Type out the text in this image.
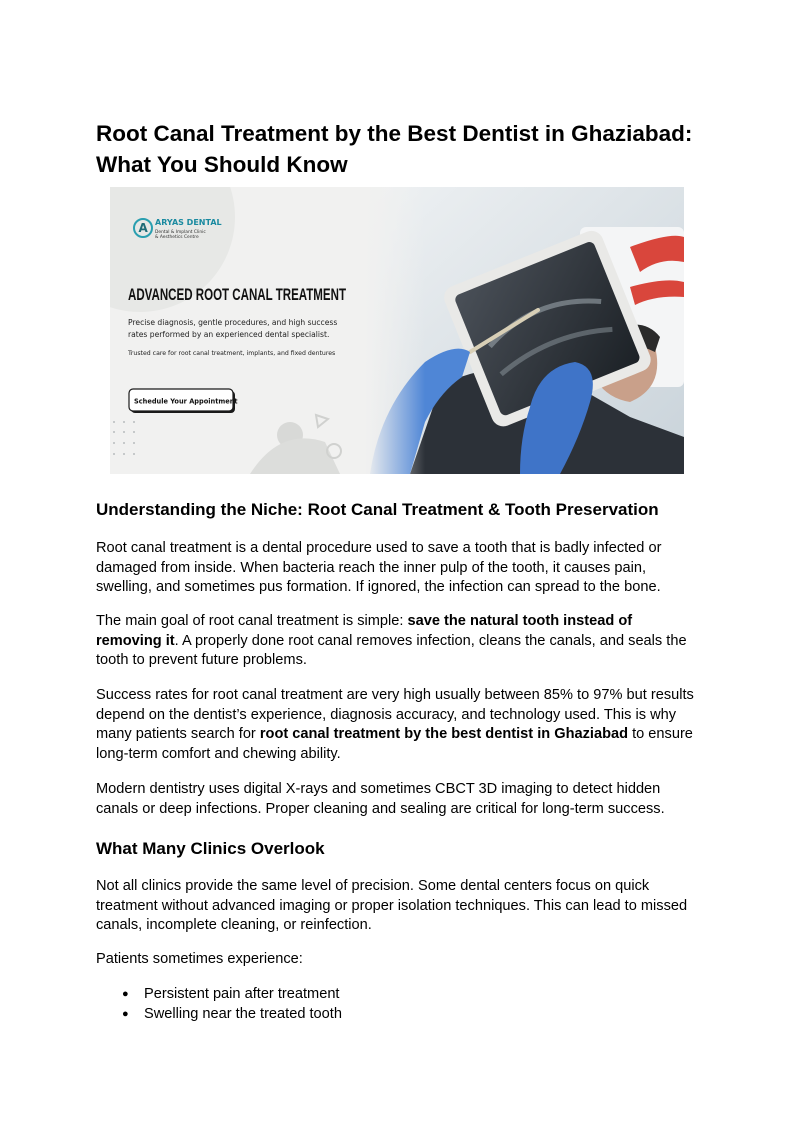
Root Canal Treatment by the Best Dentist in Ghaziabad: What You Should Know
A ARYAS DENTAL
Dental & Implant Clinic
& Aesthetics Centre
ADVANCED ROOT CANAL TREATMENT
Precise diagnosis, gentle procedures, and high success
rates performed by an experienced dental specialist.
Trusted care for root canal treatment, implants, and fixed dentures
Schedule Your Appointment
Understanding the Niche: Root Canal Treatment & Tooth Preservation

Root canal treatment is a dental procedure used to save a tooth that is badly infected or damaged from inside. When bacteria reach the inner pulp of the tooth, it causes pain, swelling, and sometimes pus formation. If ignored, the infection can spread to the bone.

The main goal of root canal treatment is simple: save the natural tooth instead of removing it. A properly done root canal removes infection, cleans the canals, and seals the tooth to prevent future problems.

Success rates for root canal treatment are very high usually between 85% to 97% but results depend on the dentist’s experience, diagnosis accuracy, and technology used. This is why many patients search for root canal treatment by the best dentist in Ghaziabad to ensure long-term comfort and chewing ability.

Modern dentistry uses digital X-rays and sometimes CBCT 3D imaging to detect hidden canals or deep infections. Proper cleaning and sealing are critical for long-term success.

What Many Clinics Overlook

Not all clinics provide the same level of precision. Some dental centers focus on quick treatment without advanced imaging or proper isolation techniques. This can lead to missed canals, incomplete cleaning, or reinfection.

Patients sometimes experience:

● Persistent pain after treatment
● Swelling near the treated tooth
